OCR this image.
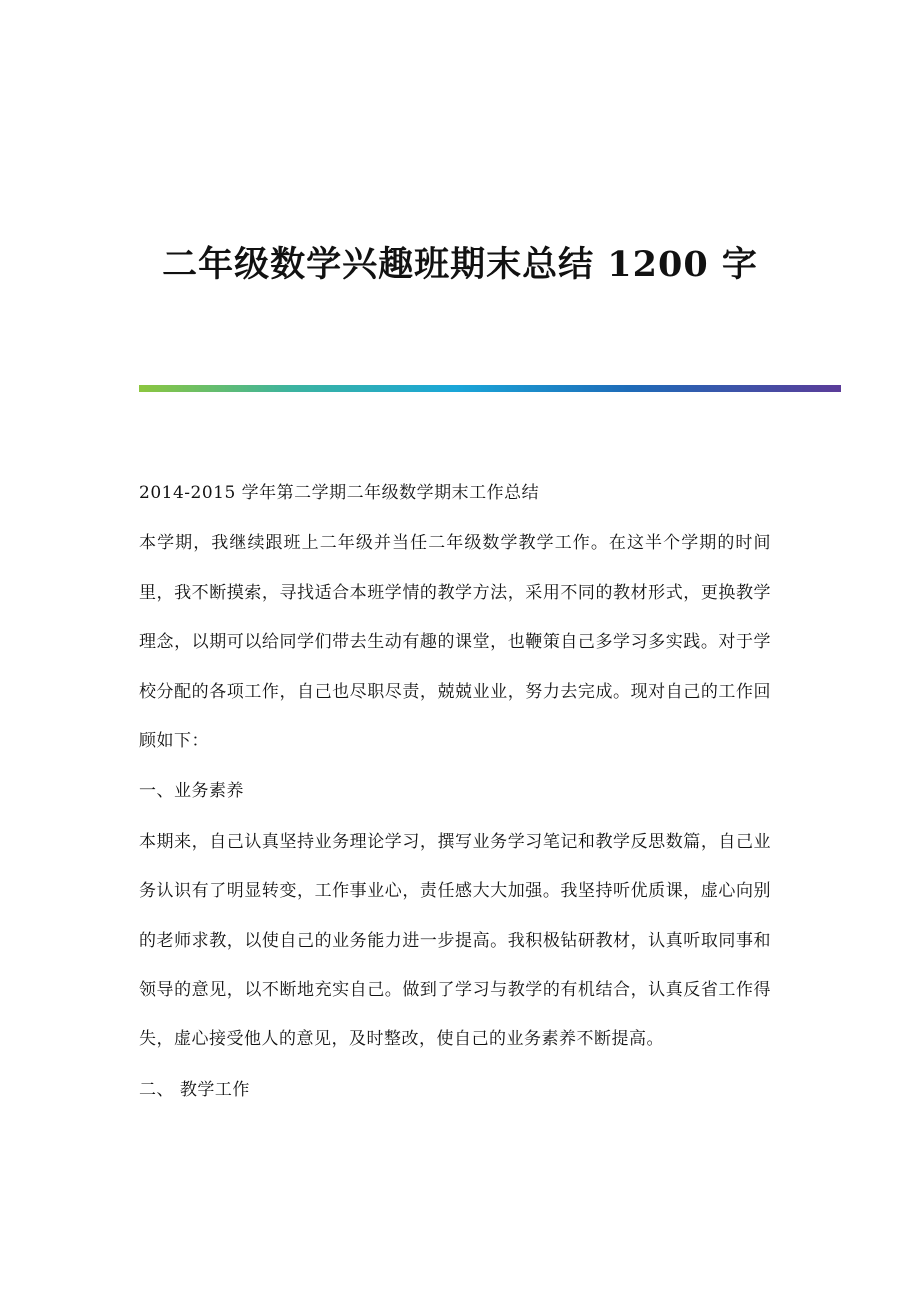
二年级数学兴趣班期末总结 1200 字

2014-2015 学年第二学期二年级数学期末工作总结

本学期，我继续跟班上二年级并当任二年级数学教学工作。在这半个学期的时间里，我不断摸索，寻找适合本班学情的教学方法，采用不同的教材形式，更换教学理念，以期可以给同学们带去生动有趣的课堂，也鞭策自己多学习多实践。对于学校分配的各项工作，自己也尽职尽责，兢兢业业，努力去完成。现对自己的工作回顾如下：

一、业务素养

本期来，自己认真坚持业务理论学习，撰写业务学习笔记和教学反思数篇，自己业务认识有了明显转变，工作事业心，责任感大大加强。我坚持听优质课，虚心向别的老师求教，以使自己的业务能力进一步提高。我积极钻研教材，认真听取同事和领导的意见，以不断地充实自己。做到了学习与教学的有机结合，认真反省工作得失，虚心接受他人的意见，及时整改，使自己的业务素养不断提高。

二、 教学工作
